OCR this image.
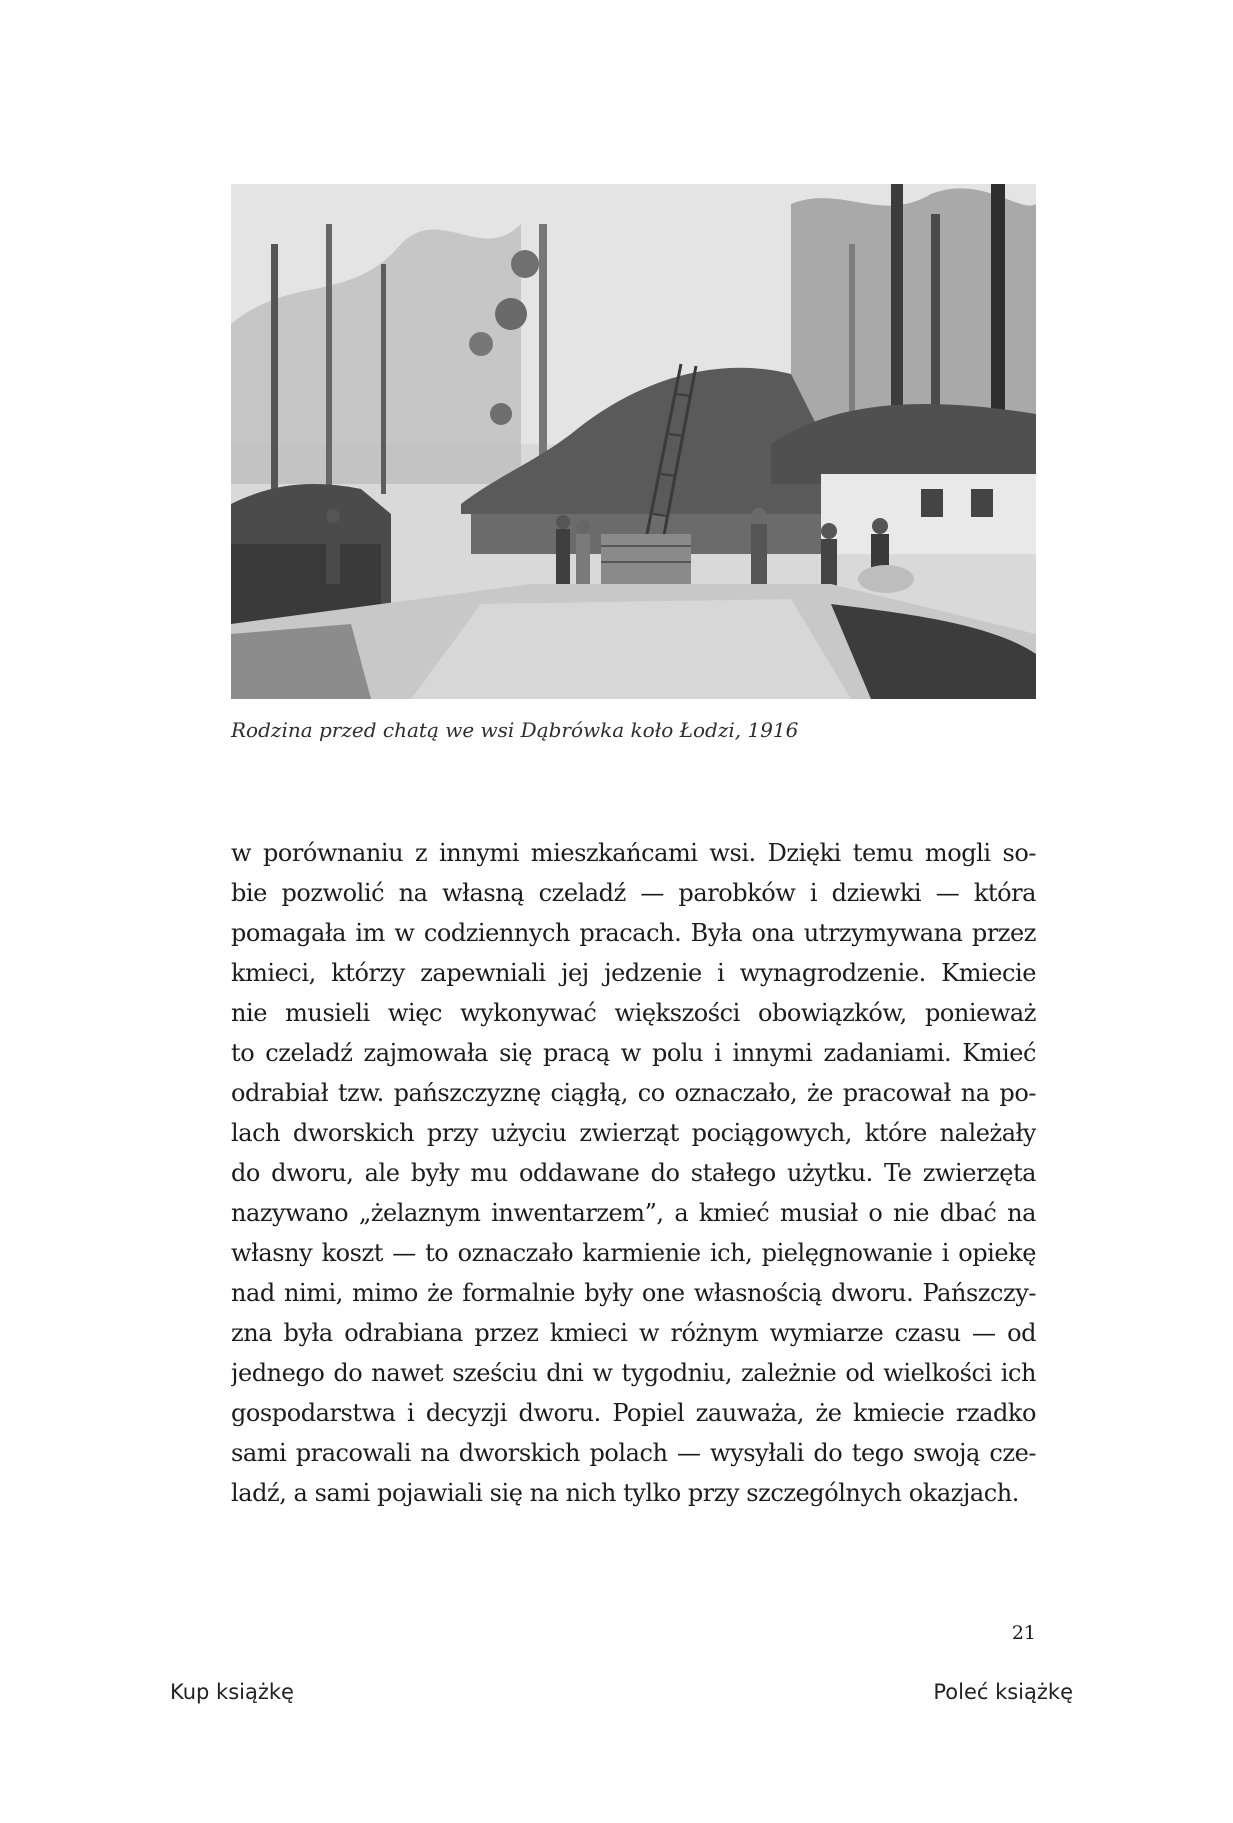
Rodzina przed chatą we wsi Dąbrówka koło Łodzi, 1916
w porównaniu z innymi mieszkańcami wsi. Dzięki temu mogli so-
bie pozwolić na własną czeladź — parobków i dziewki — która
pomagała im w codziennych pracach. Była ona utrzymywana przez
kmieci, którzy zapewniali jej jedzenie i wynagrodzenie. Kmiecie
nie musieli więc wykonywać większości obowiązków, ponieważ
to czeladź zajmowała się pracą w polu i innymi zadaniami. Kmieć
odrabiał tzw. pańszczyznę ciągłą, co oznaczało, że pracował na po-
lach dworskich przy użyciu zwierząt pociągowych, które należały
do dworu, ale były mu oddawane do stałego użytku. Te zwierzęta
nazywano „żelaznym inwentarzem”, a kmieć musiał o nie dbać na
własny koszt — to oznaczało karmienie ich, pielęgnowanie i opiekę
nad nimi, mimo że formalnie były one własnością dworu. Pańszczy-
zna była odrabiana przez kmieci w różnym wymiarze czasu — od
jednego do nawet sześciu dni w tygodniu, zależnie od wielkości ich
gospodarstwa i decyzji dworu. Popiel zauważa, że kmiecie rzadko
sami pracowali na dworskich polach — wysyłali do tego swoją cze-
ladź, a sami pojawiali się na nich tylko przy szczególnych okazjach.
21
Kup książkę	Poleć książkę
